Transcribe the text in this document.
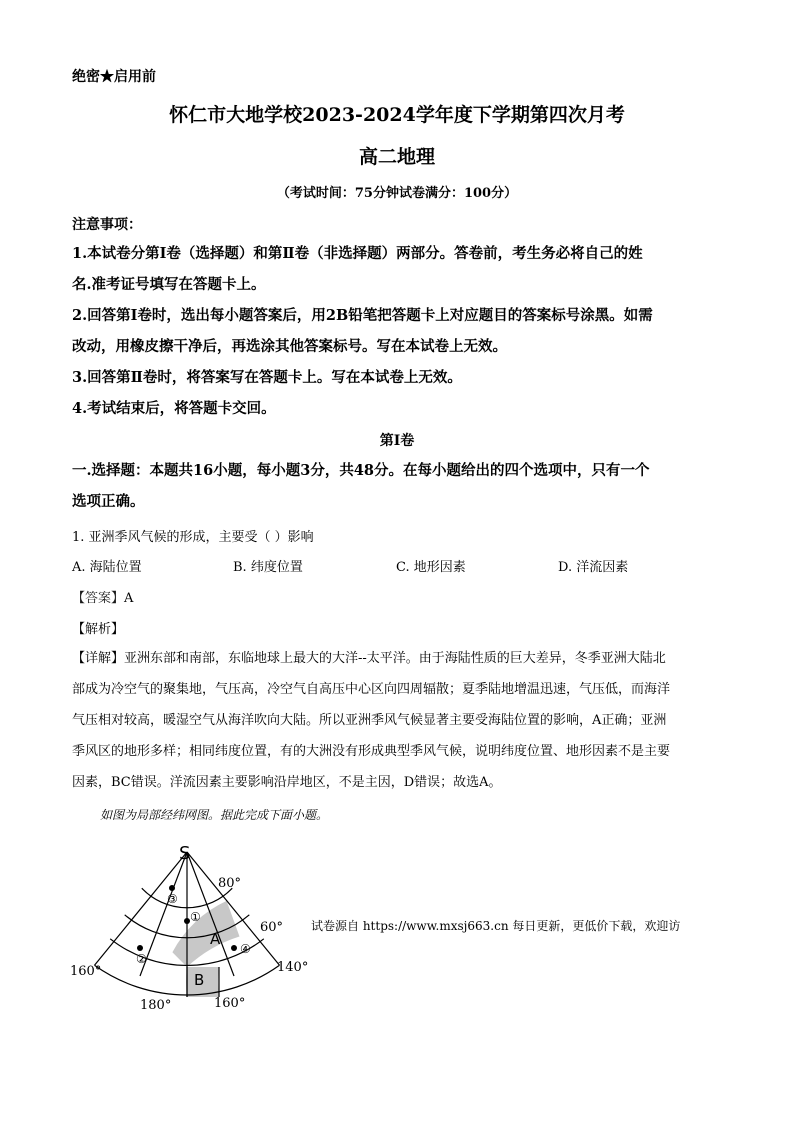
绝密★启用前
怀仁市大地学校2023-2024学年度下学期第四次月考
高二地理
（考试时间：75分钟试卷满分：100分）
注意事项：
1.本试卷分第Ⅰ卷（选择题）和第Ⅱ卷（非选择题）两部分。答卷前，考生务必将自己的姓
名.准考证号填写在答题卡上。
2.回答第Ⅰ卷时，选出每小题答案后，用2B铅笔把答题卡上对应题目的答案标号涂黑。如需
改动，用橡皮擦干净后，再选涂其他答案标号。写在本试卷上无效。
3.回答第Ⅱ卷时，将答案写在答题卡上。写在本试卷上无效。
4.考试结束后，将答题卡交回。
第Ⅰ卷
一.选择题：本题共16小题，每小题3分，共48分。在每小题给出的四个选项中，只有一个
选项正确。
1. 亚洲季风气候的形成，主要受（ ）影响
A. 海陆位置	B. 纬度位置	C. 地形因素	D. 洋流因素
【答案】A
【解析】
【详解】亚洲东部和南部，东临地球上最大的大洋--太平洋。由于海陆性质的巨大差异，冬季亚洲大陆北
部成为冷空气的聚集地，气压高，冷空气自高压中心区向四周辐散；夏季陆地增温迅速，气压低，而海洋
气压相对较高，暖湿空气从海洋吹向大陆。所以亚洲季风气候显著主要受海陆位置的影响，A正确；亚洲
季风区的地形多样；相同纬度位置，有的大洲没有形成典型季风气候，说明纬度位置、地形因素不是主要
因素，BC错误。洋流因素主要影响沿岸地区，不是主因，D错误；故选A。
如图为局部经纬网图。据此完成下面小题。
S
80°
60°
160°
180°	160°
140°
A
B
①
②
③
④
试卷源自 https://www.mxsj663.cn 每日更新，更低价下载，欢迎访
